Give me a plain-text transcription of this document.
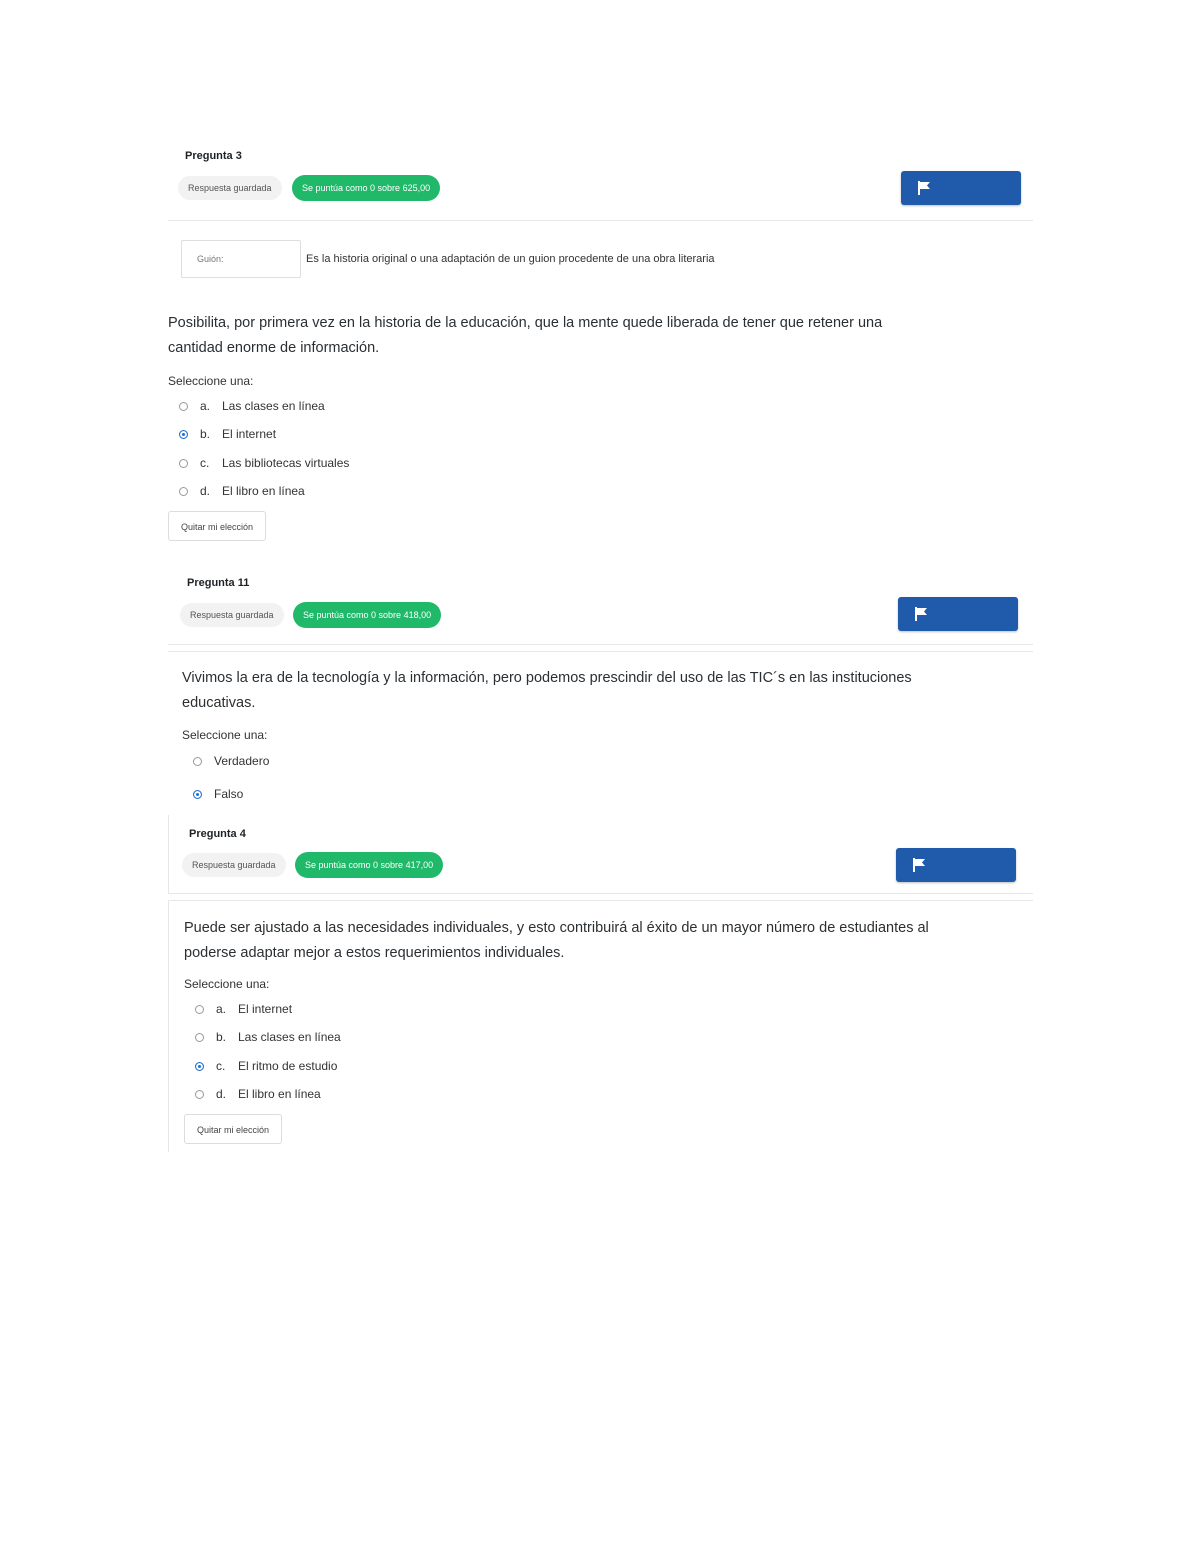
Pregunta 3
Respuesta guardada	Se puntúa como 0 sobre 625,00
Guión:	Es la historia original o una adaptación de un guion procedente de una obra literaria
Posibilita, por primera vez en la historia de la educación, que la mente quede liberada de tener que retener una
cantidad enorme de información.
Seleccione una:
a. Las clases en línea
b. El internet
c. Las bibliotecas virtuales
d. El libro en línea
Quitar mi elección
Pregunta 11
Respuesta guardada	Se puntúa como 0 sobre 418,00
Vivimos la era de la tecnología y la información, pero podemos prescindir del uso de las TIC´s en las instituciones
educativas.
Seleccione una:
Verdadero
Falso
Pregunta 4
Respuesta guardada	Se puntúa como 0 sobre 417,00
Puede ser ajustado a las necesidades individuales, y esto contribuirá al éxito de un mayor número de estudiantes al
poderse adaptar mejor a estos requerimientos individuales.
Seleccione una:
a. El internet
b. Las clases en línea
c. El ritmo de estudio
d. El libro en línea
Quitar mi elección
